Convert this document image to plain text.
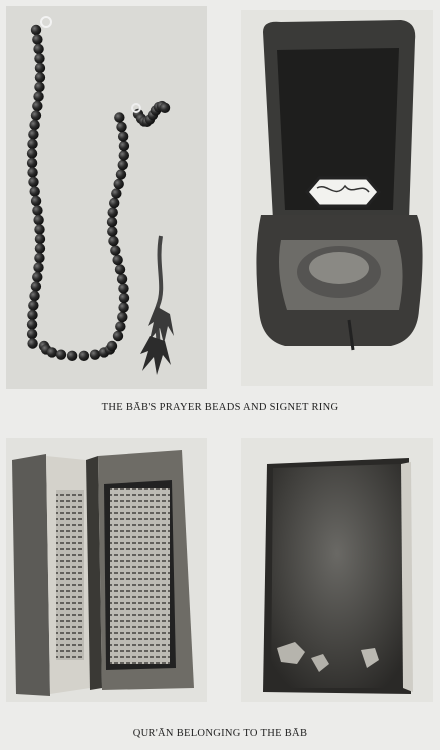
THE BĀB'S PRAYER BEADS AND SIGNET RING
QUR'ĀN BELONGING TO THE BĀB
